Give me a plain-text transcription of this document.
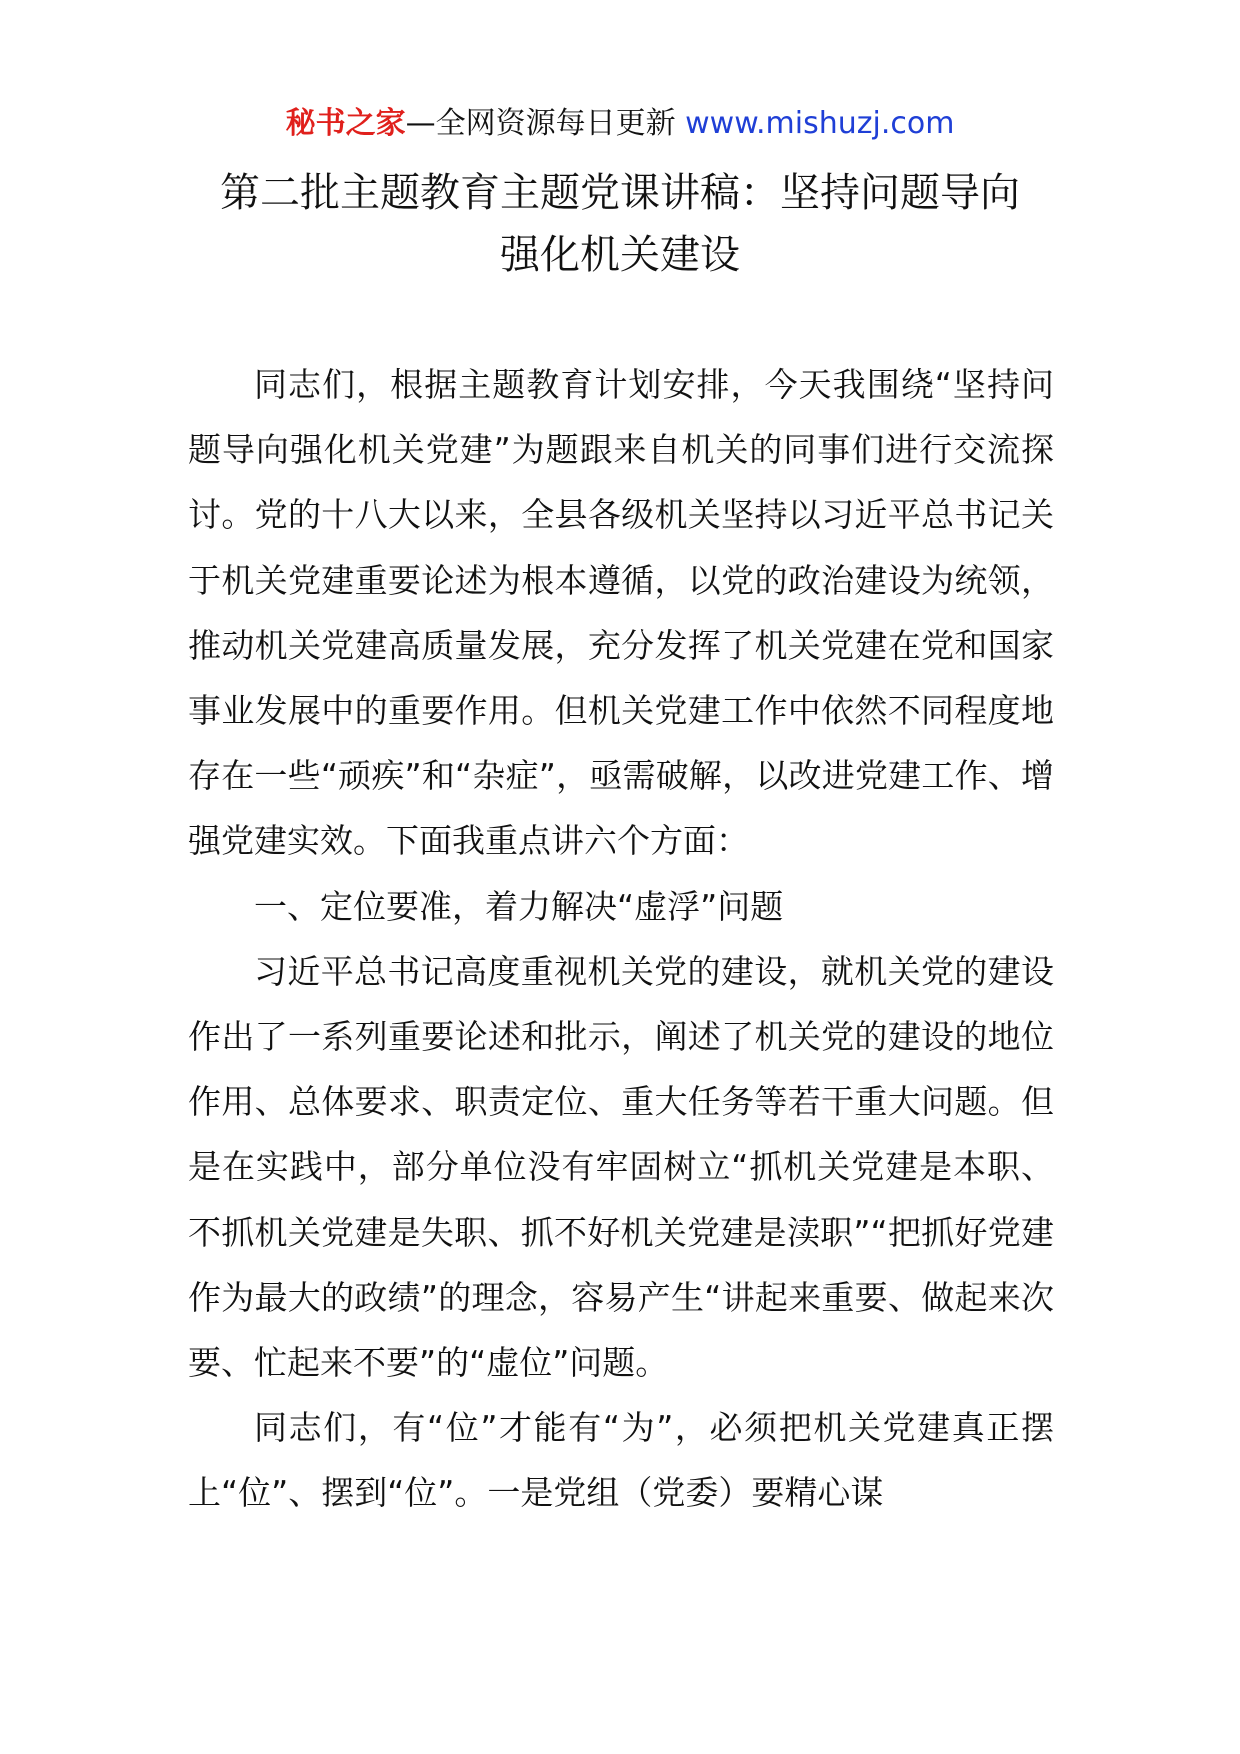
秘书之家—全网资源每日更新 www.mishuzj.com
第二批主题教育主题党课讲稿：坚持问题导向
强化机关建设

同志们，根据主题教育计划安排，今天我围绕“坚持问题导向强化机关党建”为题跟来自机关的同事们进行交流探讨。党的十八大以来，全县各级机关坚持以习近平总书记关于机关党建重要论述为根本遵循，以党的政治建设为统领，推动机关党建高质量发展，充分发挥了机关党建在党和国家事业发展中的重要作用。但机关党建工作中依然不同程度地存在一些“顽疾”和“杂症”，亟需破解，以改进党建工作、增强党建实效。下面我重点讲六个方面：

一、定位要准，着力解决“虚浮”问题

习近平总书记高度重视机关党的建设，就机关党的建设作出了一系列重要论述和批示，阐述了机关党的建设的地位作用、总体要求、职责定位、重大任务等若干重大问题。但是在实践中，部分单位没有牢固树立“抓机关党建是本职、不抓机关党建是失职、抓不好机关党建是渎职”“把抓好党建作为最大的政绩”的理念，容易产生“讲起来重要、做起来次要、忙起来不要”的“虚位”问题。

同志们，有“位”才能有“为”，必须把机关党建真正摆上“位”、摆到“位”。一是党组（党委）要精心谋
